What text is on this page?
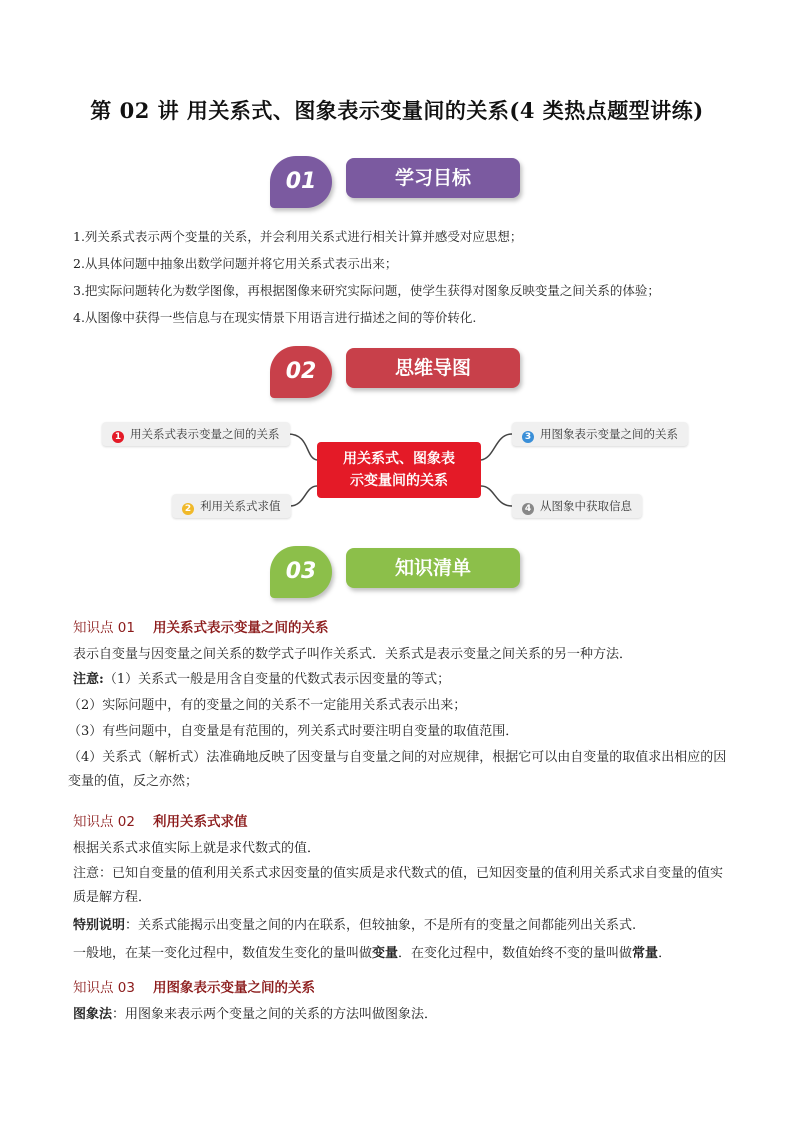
第 02 讲 用关系式、图象表示变量间的关系(4 类热点题型讲练)
01	学习目标
1.列关系式表示两个变量的关系，并会利用关系式进行相关计算并感受对应思想；
2.从具体问题中抽象出数学问题并将它用关系式表示出来；
3.把实际问题转化为数学图像，再根据图像来研究实际问题，使学生获得对图象反映变量之间关系的体验；
4.从图像中获得一些信息与在现实情景下用语言进行描述之间的等价转化.
02	思维导图
1 用关系式表示变量之间的关系
2 利用关系式求值
3 用图象表示变量之间的关系
4 从图象中获取信息
用关系式、图象表
示变量间的关系
03	知识清单
知识点 01 用关系式表示变量之间的关系
表示自变量与因变量之间关系的数学式子叫作关系式．关系式是表示变量之间关系的另一种方法．
注意:（1）关系式一般是用含自变量的代数式表示因变量的等式；
（2）实际问题中，有的变量之间的关系不一定能用关系式表示出来；
（3）有些问题中，自变量是有范围的，列关系式时要注明自变量的取值范围．
（4）关系式（解析式）法准确地反映了因变量与自变量之间的对应规律，根据它可以由自变量的取值求出相应的因变量的值，反之亦然；
知识点 02 利用关系式求值
根据关系式求值实际上就是求代数式的值．
注意：已知自变量的值利用关系式求因变量的值实质是求代数式的值，已知因变量的值利用关系式求自变量的值实质是解方程．
特别说明：关系式能揭示出变量之间的内在联系，但较抽象，不是所有的变量之间都能列出关系式.
一般地，在某一变化过程中，数值发生变化的量叫做变量．在变化过程中，数值始终不变的量叫做常量．
知识点 03 用图象表示变量之间的关系
图象法：用图象来表示两个变量之间的关系的方法叫做图象法．
